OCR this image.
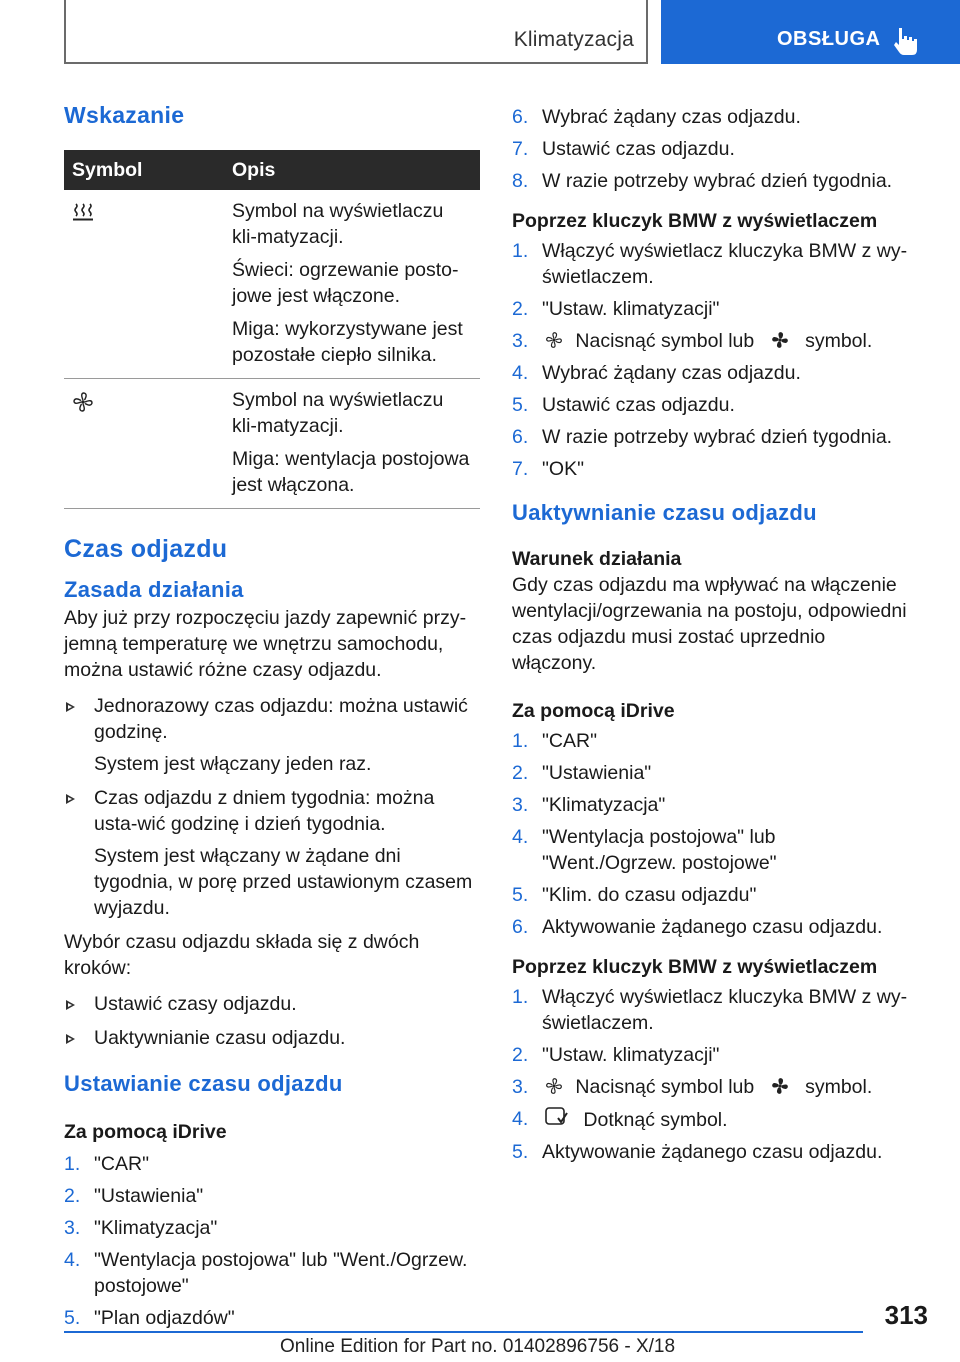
Klimatyzacja	OBSŁUGA
Wskazanie
Symbol	Opis

Symbol na wyświetlaczu kli-matyzacji.

Świeci: ogrzewanie posto-jowe jest włączone.

Miga: wykorzystywane jest pozostałe ciepło silnika.

Symbol na wyświetlaczu kli-matyzacji.

Miga: wentylacja postojowa jest włączona.

Czas odjazdu
Zasada działania

Aby już przy rozpoczęciu jazdy zapewnić przy-jemną temperaturę we wnętrzu samochodu, można ustawić różne czasy odjazdu.

Jednorazowy czas odjazdu: można ustawić godzinę.

System jest włączany jeden raz.

Czas odjazdu z dniem tygodnia: można usta-wić godzinę i dzień tygodnia.

System jest włączany w żądane dni tygodnia, w porę przed ustawionym czasem wyjazdu.

Wybór czasu odjazdu składa się z dwóch kroków:

Ustawić czasy odjazdu.

Uaktywnianie czasu odjazdu.

Ustawianie czasu odjazdu

Za pomocą iDrive

1. "CAR"
2. "Ustawienia"
3. "Klimatyzacja"
4. "Wentylacja postojowa" lub "Went./Ogrzew. postojowe"
5. "Plan odjazdów"
6. Wybrać żądany czas odjazdu.
7. Ustawić czas odjazdu.
8. W razie potrzeby wybrać dzień tygodnia.

Poprzez kluczyk BMW z wyświetlaczem

1. Włączyć wyświetlacz kluczyka BMW z wy-świetlaczem.
2. "Ustaw. klimatyzacji"
3. Nacisnąć symbol lub	symbol.
4. Wybrać żądany czas odjazdu.
5. Ustawić czas odjazdu.
6. W razie potrzeby wybrać dzień tygodnia.
7. "OK"
Uaktywnianie czasu odjazdu

Warunek działania

Gdy czas odjazdu ma wpływać na włączenie wentylacji/ogrzewania na postoju, odpowiedni czas odjazdu musi zostać uprzednio włączony.

Za pomocą iDrive

1. "CAR"
2. "Ustawienia"
3. "Klimatyzacja"
4. "Wentylacja postojowa" lub "Went./Ogrzew. postojowe"
5. "Klim. do czasu odjazdu"
6. Aktywowanie żądanego czasu odjazdu.

Poprzez kluczyk BMW z wyświetlaczem

1. Włączyć wyświetlacz kluczyka BMW z wy-świetlaczem.
2. "Ustaw. klimatyzacji"
3. Nacisnąć symbol lub	symbol.
4.	Dotknąć symbol.
5. Aktywowanie żądanego czasu odjazdu.
313
Online Edition for Part no. 01402896756 - X/18
